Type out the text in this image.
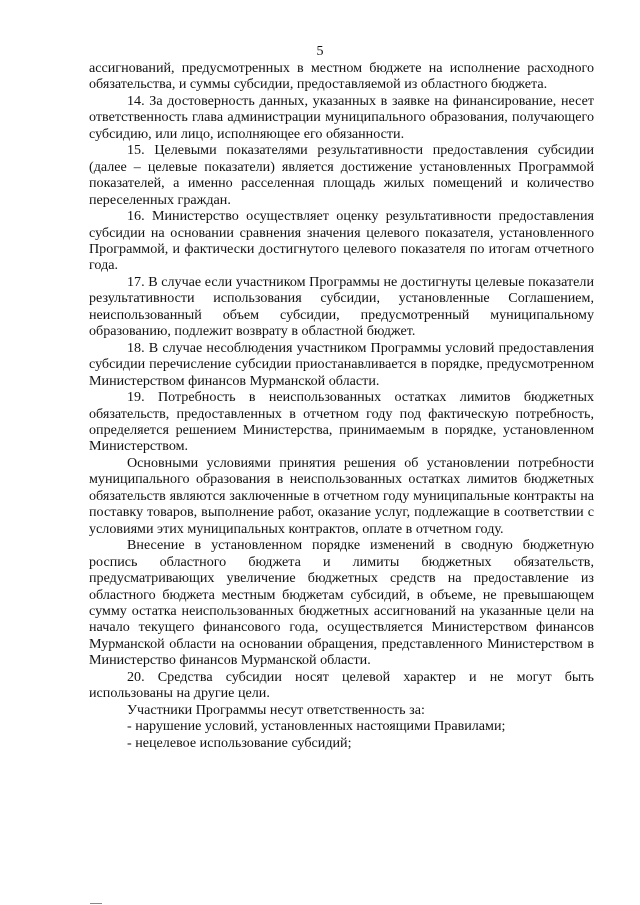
5

ассигнований, предусмотренных в местном бюджете на исполнение расходного обязательства, и суммы субсидии, предоставляемой из областного бюджета.

14. За достоверность данных, указанных в заявке на финансирование, несет ответственность глава администрации муниципального образования, получающего субсидию, или лицо, исполняющее его обязанности.

15. Целевыми показателями результативности предоставления субсидии (далее – целевые показатели) является достижение установленных Программой показателей, а именно расселенная площадь жилых помещений и количество переселенных граждан.

16. Министерство осуществляет оценку результативности предоставления субсидии на основании сравнения значения целевого показателя, установленного Программой, и фактически достигнутого целевого показателя по итогам отчетного года.

17. В случае если участником Программы не достигнуты целевые показатели результативности использования субсидии, установленные Соглашением, неиспользованный объем субсидии, предусмотренный муниципальному образованию, подлежит возврату в областной бюджет.

18. В случае несоблюдения участником Программы условий предоставления субсидии перечисление субсидии приостанавливается в порядке, предусмотренном Министерством финансов Мурманской области.

19. Потребность в неиспользованных остатках лимитов бюджетных обязательств, предоставленных в отчетном году под фактическую потребность, определяется решением Министерства, принимаемым в порядке, установленном Министерством.

Основными условиями принятия решения об установлении потребности муниципального образования в неиспользованных остатках лимитов бюджетных обязательств являются заключенные в отчетном году муниципальные контракты на поставку товаров, выполнение работ, оказание услуг, подлежащие в соответствии с условиями этих муниципальных контрактов, оплате в отчетном году.

Внесение в установленном порядке изменений в сводную бюджетную роспись областного бюджета и лимиты бюджетных обязательств, предусматривающих увеличение бюджетных средств на предоставление из областного бюджета местным бюджетам субсидий, в объеме, не превышающем сумму остатка неиспользованных бюджетных ассигнований на указанные цели на начало текущего финансового года, осуществляется Министерством финансов Мурманской области на основании обращения, представленного Министерством в Министерство финансов Мурманской области.

20. Средства субсидии носят целевой характер и не могут быть использованы на другие цели.

Участники Программы несут ответственность за:

- нарушение условий, установленных настоящими Правилами;

- нецелевое использование субсидий;
